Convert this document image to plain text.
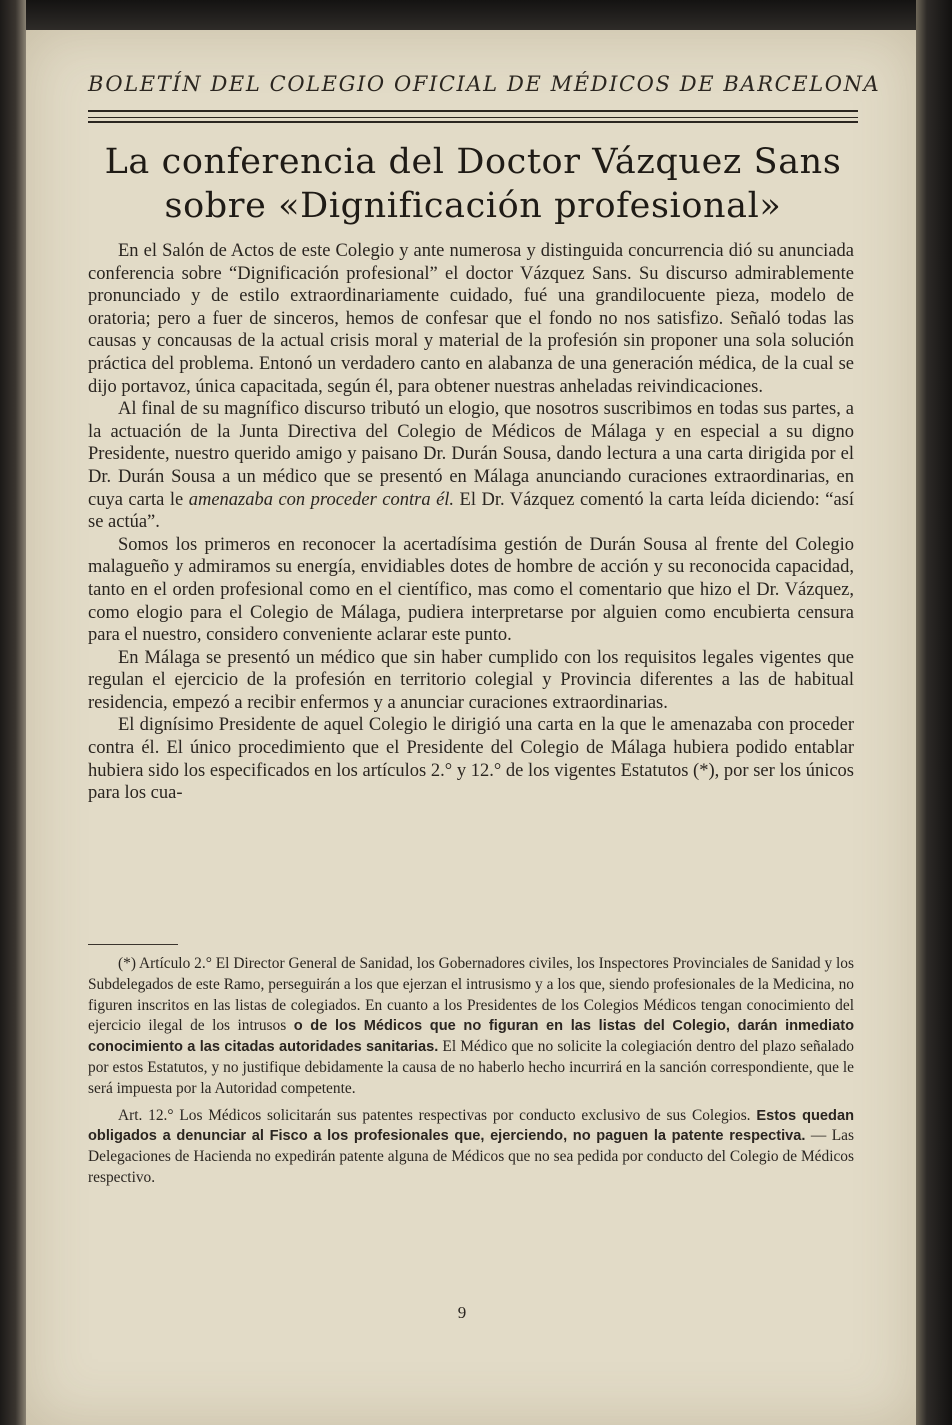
BOLETÍN DEL COLEGIO OFICIAL DE MÉDICOS DE BARCELONA
La conferencia del Doctor Vázquez Sans
sobre «Dignificación profesional»

En el Salón de Actos de este Colegio y ante numerosa y distinguida concurrencia dió su anunciada conferencia sobre “Dignificación profesional” el doctor Vázquez Sans. Su discurso admirablemente pronunciado y de estilo extraordinariamente cuidado, fué una grandilocuente pieza, modelo de oratoria; pero a fuer de sinceros, hemos de confesar que el fondo no nos satisfizo. Señaló todas las causas y concausas de la actual crisis moral y material de la profesión sin proponer una sola solución práctica del problema. Entonó un verdadero canto en alabanza de una generación médica, de la cual se dijo portavoz, única capacitada, según él, para obtener nuestras anheladas reivindicaciones.

Al final de su magnífico discurso tributó un elogio, que nosotros suscribimos en todas sus partes, a la actuación de la Junta Directiva del Colegio de Médicos de Málaga y en especial a su digno Presidente, nuestro querido amigo y paisano Dr. Durán Sousa, dando lectura a una carta dirigida por el Dr. Durán Sousa a un médico que se presentó en Málaga anunciando curaciones extraordinarias, en cuya carta le amenazaba con proceder contra él. El Dr. Vázquez comentó la carta leída diciendo: “así se actúa”.

Somos los primeros en reconocer la acertadísima gestión de Durán Sousa al frente del Colegio malagueño y admiramos su energía, envidiables dotes de hombre de acción y su reconocida capacidad, tanto en el orden profesional como en el científico, mas como el comentario que hizo el Dr. Vázquez, como elogio para el Colegio de Málaga, pudiera interpretarse por alguien como encubierta censura para el nuestro, considero conveniente aclarar este punto.

En Málaga se presentó un médico que sin haber cumplido con los requisitos legales vigentes que regulan el ejercicio de la profesión en territorio colegial y Provincia diferentes a las de habitual residencia, empezó a recibir enfermos y a anunciar curaciones extraordinarias.

El dignísimo Presidente de aquel Colegio le dirigió una carta en la que le amenazaba con proceder contra él. El único procedimiento que el Presidente del Colegio de Málaga hubiera podido entablar hubiera sido los especificados en los artículos 2.° y 12.° de los vigentes Estatutos (*), por ser los únicos para los cua-

(*) Artículo 2.° El Director General de Sanidad, los Gobernadores civiles, los Inspectores Provinciales de Sanidad y los Subdelegados de este Ramo, perseguirán a los que ejerzan el intrusismo y a los que, siendo profesionales de la Medicina, no figuren inscritos en las listas de colegiados. En cuanto a los Presidentes de los Colegios Médicos tengan conocimiento del ejercicio ilegal de los intrusos o de los Médicos que no figuran en las listas del Colegio, darán inmediato conocimiento a las citadas autoridades sanitarias. El Médico que no solicite la colegiación dentro del plazo señalado por estos Estatutos, y no justifique debidamente la causa de no haberlo hecho incurrirá en la sanción correspondiente, que le será impuesta por la Autoridad competente.

Art. 12.° Los Médicos solicitarán sus patentes respectivas por conducto exclusivo de sus Colegios. Estos quedan obligados a denunciar al Fisco a los profesionales que, ejerciendo, no paguen la patente respectiva. — Las Delegaciones de Hacienda no expedirán patente alguna de Médicos que no sea pedida por conducto del Colegio de Médicos respectivo.

9
